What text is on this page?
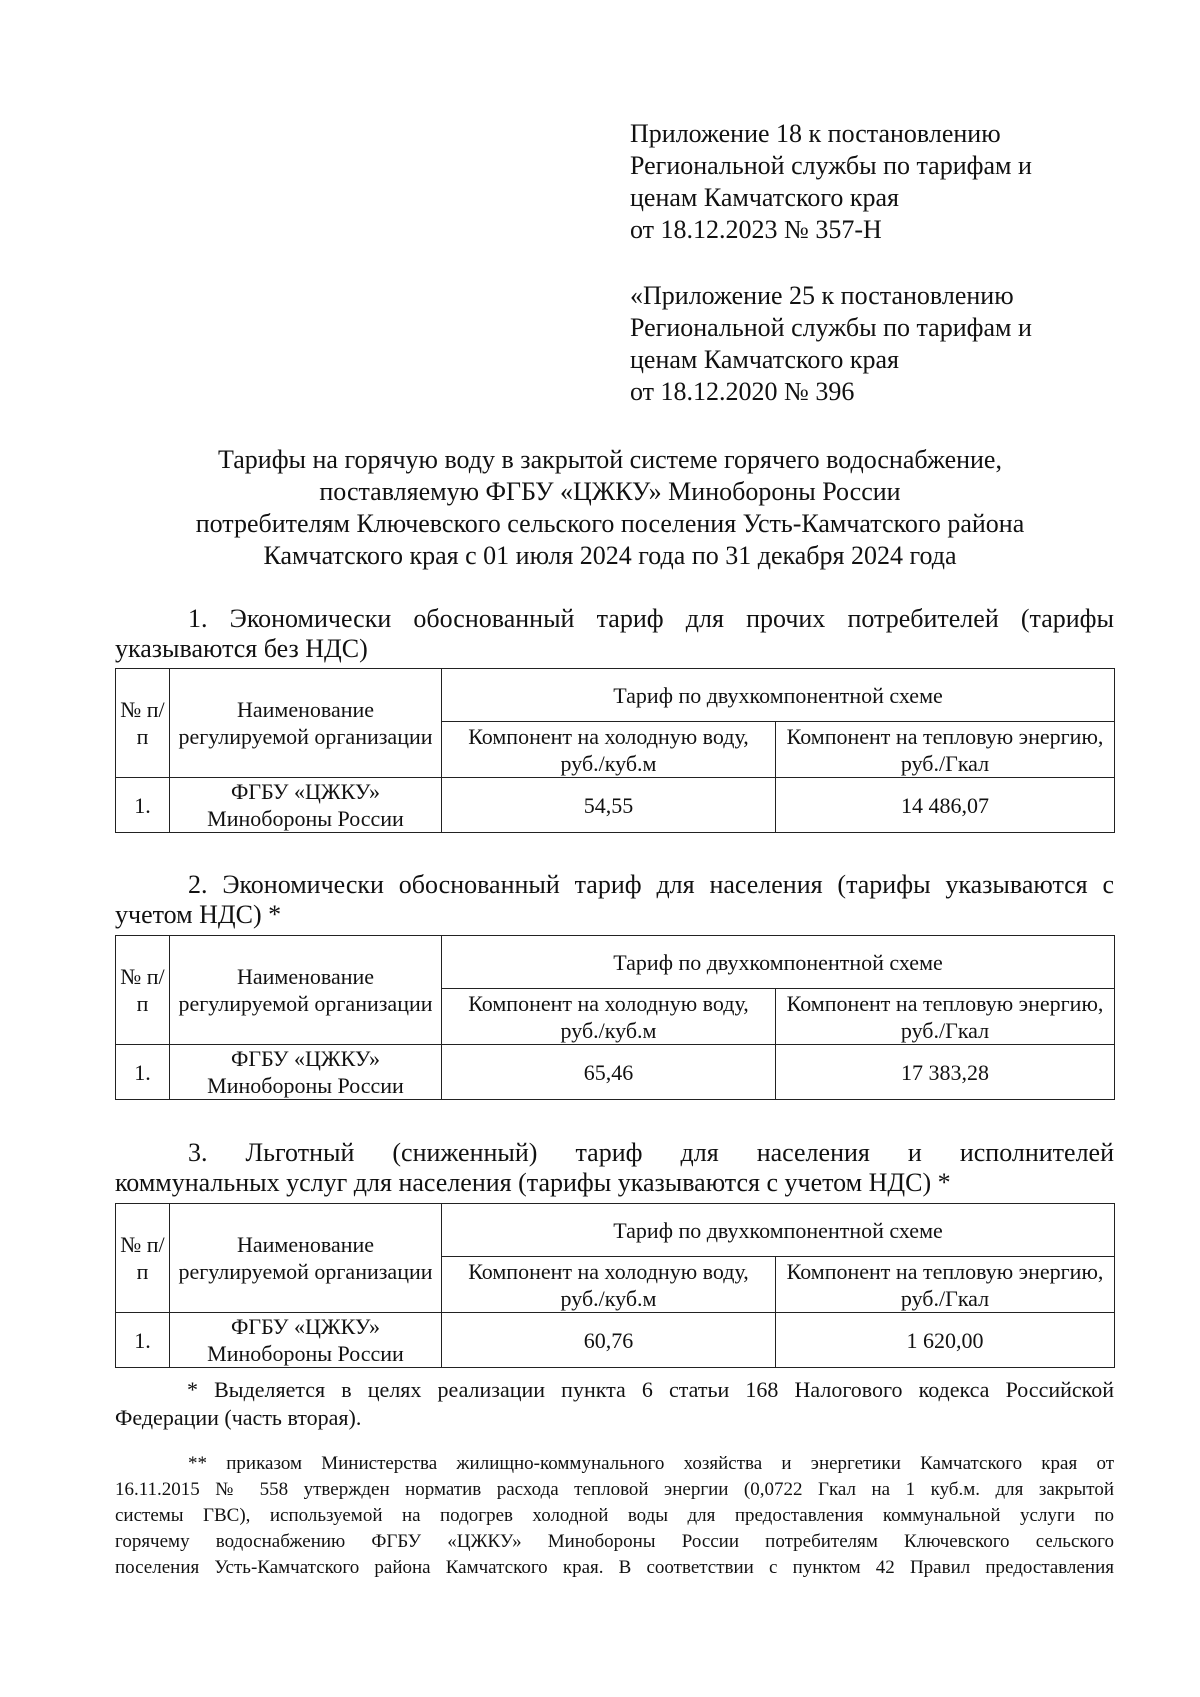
Приложение 18 к постановлению
Региональной службы по тарифам и
ценам Камчатского края
от 18.12.2023 № 357-Н
«Приложение 25 к постановлению
Региональной службы по тарифам и
ценам Камчатского края
от 18.12.2020 № 396
Тарифы на горячую воду в закрытой системе горячего водоснабжение,
поставляемую ФГБУ «ЦЖКУ» Минобороны России
потребителям Ключевского сельского поселения Усть-Камчатского района
Камчатского края с 01 июля 2024 года по 31 декабря 2024 года
1. Экономически обоснованный тариф для прочих потребителей (тарифы
указываются без НДС)
№ п/п	Наименование регулируемой организации	Тариф по двухкомпонентной схеме	
		Компонент на холодную воду, руб./куб.м	Компонент на тепловую энергию, руб./Гкал
1.	ФГБУ «ЦЖКУ» Минобороны России	54,55	14 486,07
2. Экономически обоснованный тариф для населения (тарифы указываются с
учетом НДС) *
№ п/п	Наименование регулируемой организации	Тариф по двухкомпонентной схеме	
		Компонент на холодную воду, руб./куб.м	Компонент на тепловую энергию, руб./Гкал
1.	ФГБУ «ЦЖКУ» Минобороны России	65,46	17 383,28
3. Льготный (сниженный) тариф для населения и исполнителей
коммунальных услуг для населения (тарифы указываются с учетом НДС) *
№ п/п	Наименование регулируемой организации	Тариф по двухкомпонентной схеме	
		Компонент на холодную воду, руб./куб.м	Компонент на тепловую энергию, руб./Гкал
1.	ФГБУ «ЦЖКУ» Минобороны России	60,76	1 620,00
* Выделяется в целях реализации пункта 6 статьи 168 Налогового кодекса Российской
Федерации (часть вторая).
** приказом Министерства жилищно-коммунального хозяйства и энергетики Камчатского края от
16.11.2015 № 558 утвержден норматив расхода тепловой энергии (0,0722 Гкал на 1 куб.м. для закрытой
системы ГВС), используемой на подогрев холодной воды для предоставления коммунальной услуги по
горячему водоснабжению ФГБУ «ЦЖКУ» Минобороны России потребителям Ключевского сельского
поселения Усть-Камчатского района Камчатского края. В соответствии с пунктом 42 Правил предоставления
